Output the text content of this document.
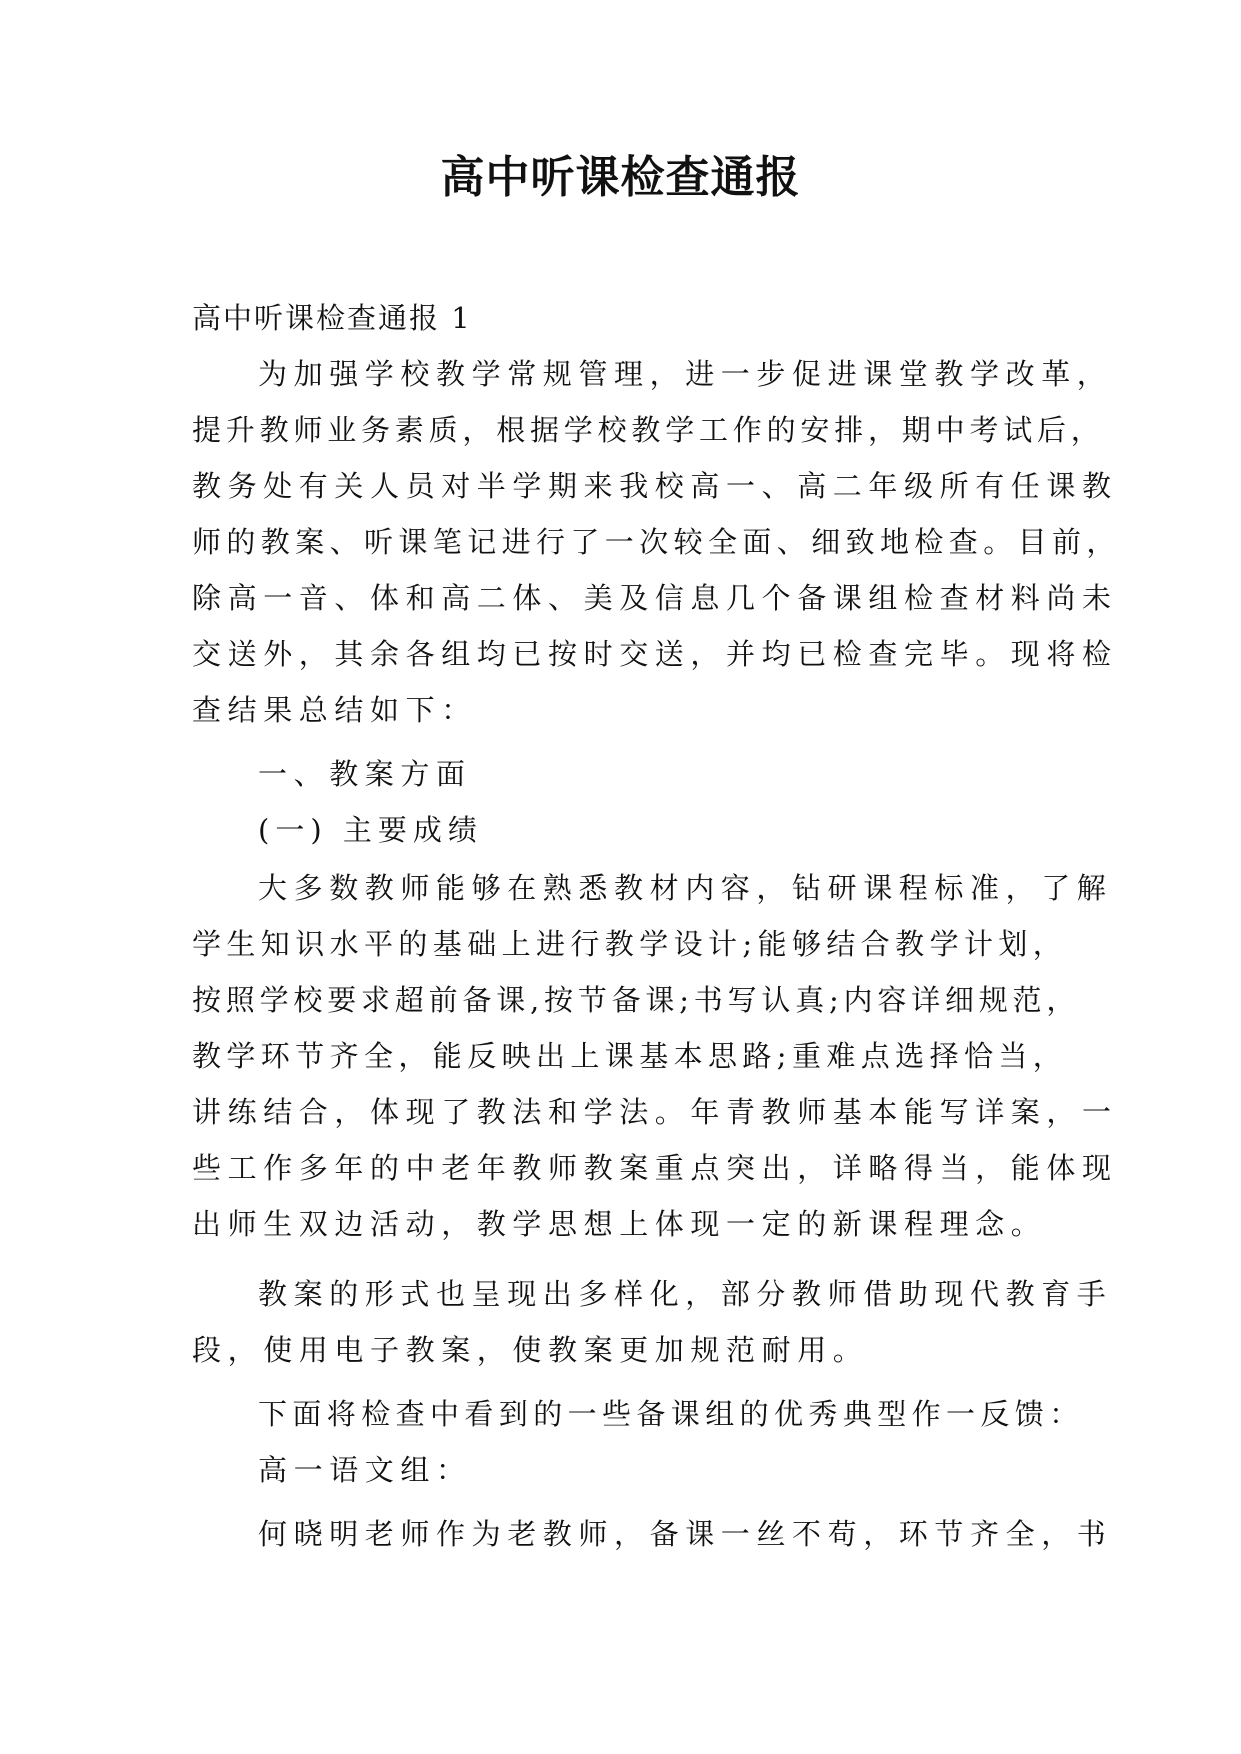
高中听课检查通报

高中听课检查通报 1

为加强学校教学常规管理，进一步促进课堂教学改革，

提升教师业务素质，根据学校教学工作的安排，期中考试后，

教务处有关人员对半学期来我校高一、高二年级所有任课教

师的教案、听课笔记进行了一次较全面、细致地检查。目前，

除高一音、体和高二体、美及信息几个备课组检查材料尚未

交送外，其余各组均已按时交送，并均已检查完毕。现将检

查结果总结如下：

一、教案方面

(一) 主要成绩

大多数教师能够在熟悉教材内容，钻研课程标准，了解

学生知识水平的基础上进行教学设计;能够结合教学计划，

按照学校要求超前备课,按节备课;书写认真;内容详细规范，

教学环节齐全，能反映出上课基本思路;重难点选择恰当，

讲练结合，体现了教法和学法。年青教师基本能写详案，一

些工作多年的中老年教师教案重点突出，详略得当，能体现

出师生双边活动，教学思想上体现一定的新课程理念。

教案的形式也呈现出多样化，部分教师借助现代教育手

段，使用电子教案，使教案更加规范耐用。

下面将检查中看到的一些备课组的优秀典型作一反馈：

高一语文组：

何晓明老师作为老教师，备课一丝不苟，环节齐全，书
